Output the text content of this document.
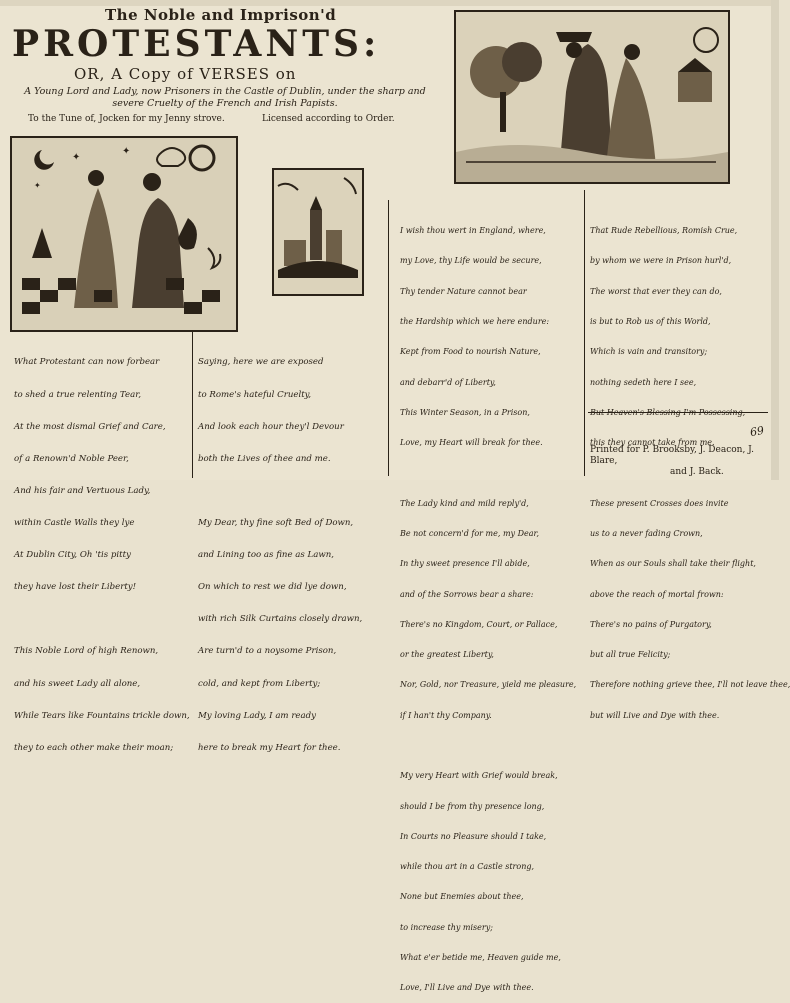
The Noble and Imprison'd
PROTESTANTS:
OR, A Copy of VERSES on
A Young Lord and Lady, now Prisoners in the Castle of Dublin, under the sharp and severe Cruelty of the French and Irish Papists.
To the Tune of, Jocken for my Jenny strove.	Licensed according to Order.
✦
✦
✦

What Protestant can now forbear

to shed a true relenting Tear,

At the most dismal Grief and Care,

of a Renown'd Noble Peer,

And his fair and Vertuous Lady,

within Castle Walls they lye

At Dublin City, Oh 'tis pitty

they have lost their Liberty!

This Noble Lord of high Renown,

and his sweet Lady all alone,

While Tears like Fountains trickle down,

they to each other make their moan;

Saying, here we are exposed

to Rome's hateful Cruelty,

And look each hour they'l Devour

both the Lives of thee and me.

My Dear, thy fine soft Bed of Down,

and Lining too as fine as Lawn,

On which to rest we did lye down,

with rich Silk Curtains closely drawn,

Are turn'd to a noysome Prison,

cold, and kept from Liberty;

My loving Lady, I am ready

here to break my Heart for thee.

I wish thou wert in England, where,

my Love, thy Life would be secure,

Thy tender Nature cannot bear

the Hardship which we here endure:

Kept from Food to nourish Nature,

and debarr'd of Liberty,

This Winter Season, in a Prison,

Love, my Heart will break for thee.

The Lady kind and mild reply'd,

Be not concern'd for me, my Dear,

In thy sweet presence I'll abide,

and of the Sorrows bear a share:

There's no Kingdom, Court, or Pallace,

or the greatest Liberty,

Nor, Gold, nor Treasure, yield me pleasure,

if I han't thy Company.

My very Heart with Grief would break,

should I be from thy presence long,

In Courts no Pleasure should I take,

while thou art in a Castle strong,

None but Enemies about thee,

to increase thy misery;

What e'er betide me, Heaven guide me,

Love, I'll Live and Dye with thee.

That Rude Rebellious, Romish Crue,

by whom we were in Prison hurl'd,

The worst that ever they can do,

is but to Rob us of this World,

Which is vain and transitory;

nothing sedeth here I see,

this they cannot take from me.

These present Crosses does invite

us to a never fading Crown,

When as our Souls shall take their flight,

above the reach of mortal frown:

There's no pains of Purgatory,

but all true Felicity;

Therefore nothing grieve thee, I'll not leave thee,

but will Live and Dye with thee.

Printed for P. Brooksby, J. Deacon, J. Blare,
and J. Back.
69
